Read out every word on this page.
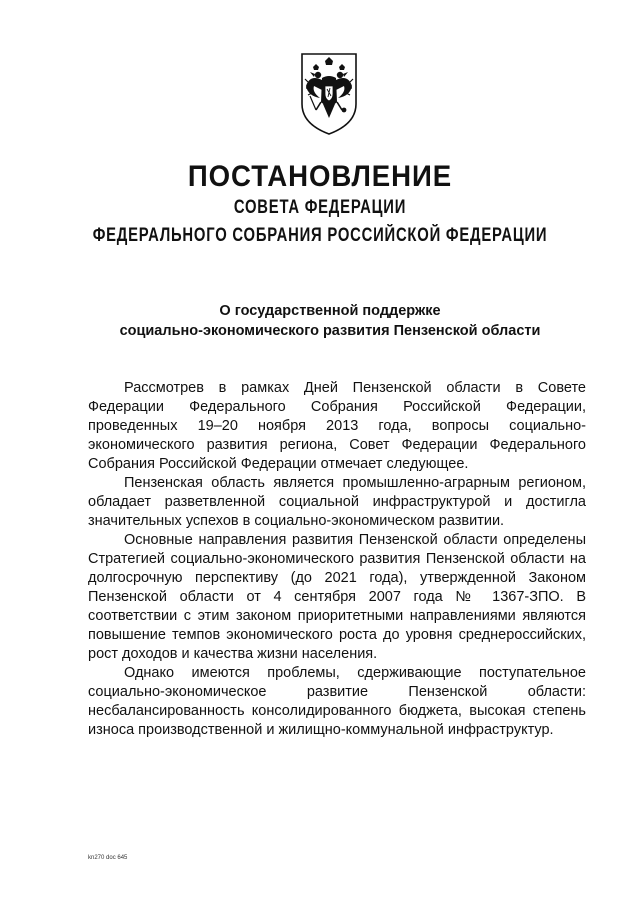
ПОСТАНОВЛЕНИЕ
СОВЕТА ФЕДЕРАЦИИ
ФЕДЕРАЛЬНОГО СОБРАНИЯ РОССИЙСКОЙ ФЕДЕРАЦИИ
О государственной поддержке
социально-экономического развития Пензенской области

Рассмотрев в рамках Дней Пензенской области в Совете Федерации Федерального Собрания Российской Федерации, проведенных 19–20 ноября 2013 года, вопросы социально-экономического развития региона, Совет Федерации Федерального Собрания Российской Федерации отмечает следующее.

Пензенская область является промышленно-аграрным регионом, обладает разветвленной социальной инфраструктурой и достигла значительных успехов в социально-экономическом развитии.

Основные направления развития Пензенской области определены Стратегией социально-экономического развития Пензенской области на долгосрочную перспективу (до 2021 года), утвержденной Законом Пензенской области от 4 сентября 2007 года № 1367-ЗПО. В соответствии с этим законом приоритетными направлениями являются повышение темпов экономического роста до уровня среднероссийских, рост доходов и качества жизни населения.

Однако имеются проблемы, сдерживающие поступательное социально-экономическое развитие Пензенской области: несбалансированность консолидированного бюджета, высокая степень износа производственной и жилищно-коммунальной инфраструктур.

kn270 doc 645
